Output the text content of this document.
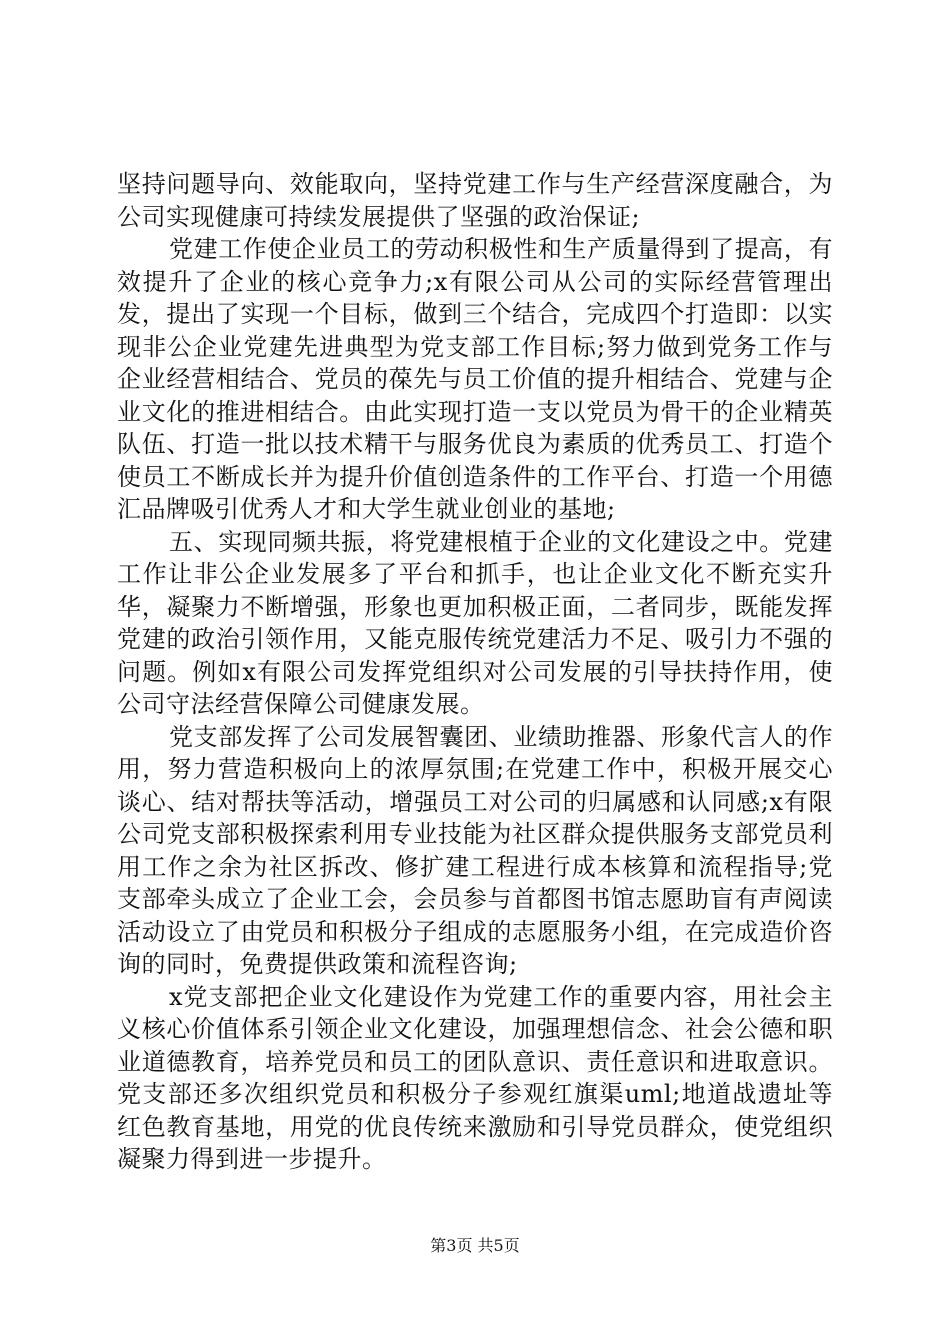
坚持问题导向、效能取向，坚持党建工作与生产经营深度融合，为公司实现健康可持续发展提供了坚强的政治保证;

党建工作使企业员工的劳动积极性和生产质量得到了提高，有效提升了企业的核心竞争力;x有限公司从公司的实际经营管理出发，提出了实现一个目标，做到三个结合，完成四个打造即：以实现非公企业党建先进典型为党支部工作目标;努力做到党务工作与企业经营相结合、党员的葆先与员工价值的提升相结合、党建与企业文化的推进相结合。由此实现打造一支以党员为骨干的企业精英队伍、打造一批以技术精干与服务优良为素质的优秀员工、打造个使员工不断成长并为提升价值创造条件的工作平台、打造一个用德汇品牌吸引优秀人才和大学生就业创业的基地;

五、实现同频共振，将党建根植于企业的文化建设之中。党建工作让非公企业发展多了平台和抓手，也让企业文化不断充实升华，凝聚力不断增强，形象也更加积极正面，二者同步，既能发挥党建的政治引领作用，又能克服传统党建活力不足、吸引力不强的问题。例如x有限公司发挥党组织对公司发展的引导扶持作用，使公司守法经营保障公司健康发展。

党支部发挥了公司发展智囊团、业绩助推器、形象代言人的作用，努力营造积极向上的浓厚氛围;在党建工作中，积极开展交心谈心、结对帮扶等活动，增强员工对公司的归属感和认同感;x有限公司党支部积极探索利用专业技能为社区群众提供服务支部党员利用工作之余为社区拆改、修扩建工程进行成本核算和流程指导;党支部牵头成立了企业工会，会员参与首都图书馆志愿助盲有声阅读活动设立了由党员和积极分子组成的志愿服务小组，在完成造价咨询的同时，免费提供政策和流程咨询;

x党支部把企业文化建设作为党建工作的重要内容，用社会主义核心价值体系引领企业文化建设，加强理想信念、社会公德和职业道德教育，培养党员和员工的团队意识、责任意识和进取意识。党支部还多次组织党员和积极分子参观红旗渠uml;地道战遗址等红色教育基地，用党的优良传统来激励和引导党员群众，使党组织凝聚力得到进一步提升。

第3页 共5页
